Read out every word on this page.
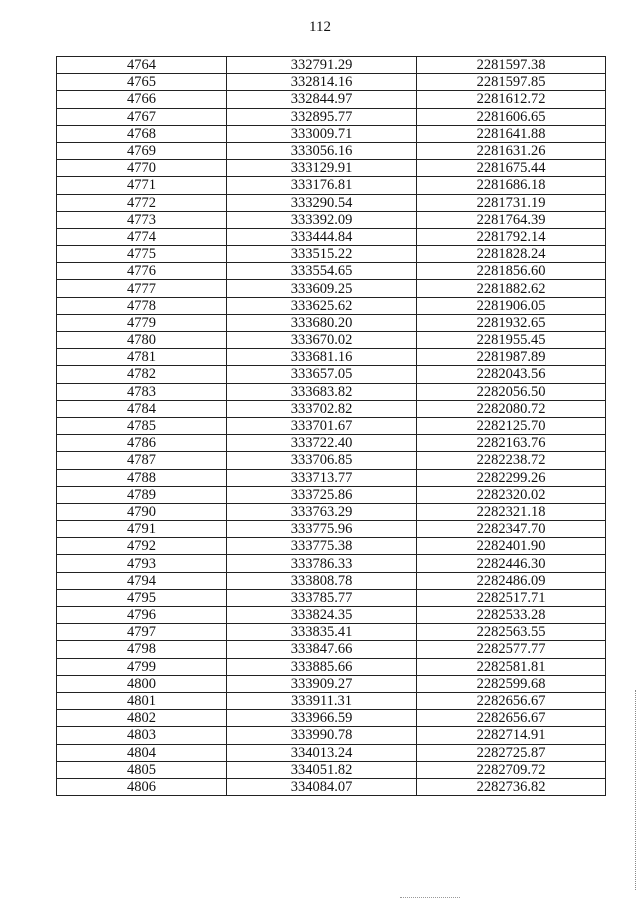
112
4764	332791.29	2281597.38
4765	332814.16	2281597.85
4766	332844.97	2281612.72
4767	332895.77	2281606.65
4768	333009.71	2281641.88
4769	333056.16	2281631.26
4770	333129.91	2281675.44
4771	333176.81	2281686.18
4772	333290.54	2281731.19
4773	333392.09	2281764.39
4774	333444.84	2281792.14
4775	333515.22	2281828.24
4776	333554.65	2281856.60
4777	333609.25	2281882.62
4778	333625.62	2281906.05
4779	333680.20	2281932.65
4780	333670.02	2281955.45
4781	333681.16	2281987.89
4782	333657.05	2282043.56
4783	333683.82	2282056.50
4784	333702.82	2282080.72
4785	333701.67	2282125.70
4786	333722.40	2282163.76
4787	333706.85	2282238.72
4788	333713.77	2282299.26
4789	333725.86	2282320.02
4790	333763.29	2282321.18
4791	333775.96	2282347.70
4792	333775.38	2282401.90
4793	333786.33	2282446.30
4794	333808.78	2282486.09
4795	333785.77	2282517.71
4796	333824.35	2282533.28
4797	333835.41	2282563.55
4798	333847.66	2282577.77
4799	333885.66	2282581.81
4800	333909.27	2282599.68
4801	333911.31	2282656.67
4802	333966.59	2282656.67
4803	333990.78	2282714.91
4804	334013.24	2282725.87
4805	334051.82	2282709.72
4806	334084.07	2282736.82
